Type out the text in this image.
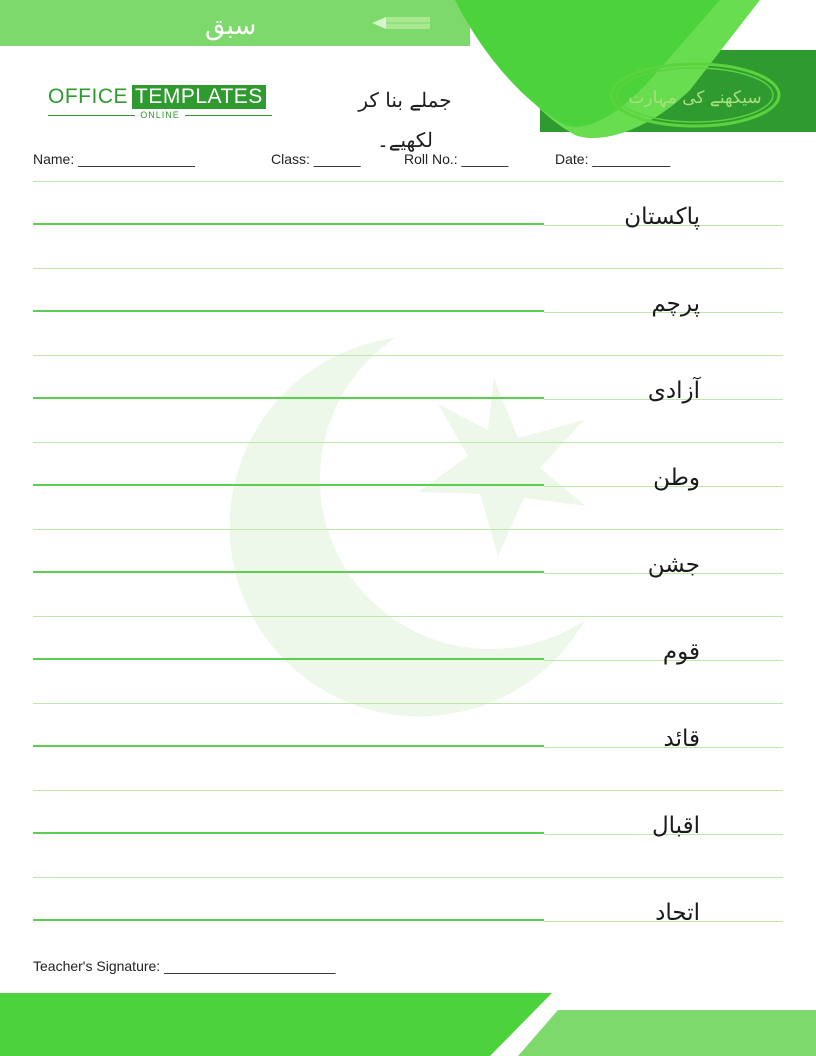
سبق
OFFICE TEMPLATES
ONLINE
جملے بنا کر لکھیے۔
سیکھنے کی مہارت
Name: _______________	Class: ______	Roll No.: ______	Date: __________
پاکستان
پرچم
آزادی
وطن
جشن
قوم
قائد
اقبال
اتحاد
Teacher's Signature: ______________________
